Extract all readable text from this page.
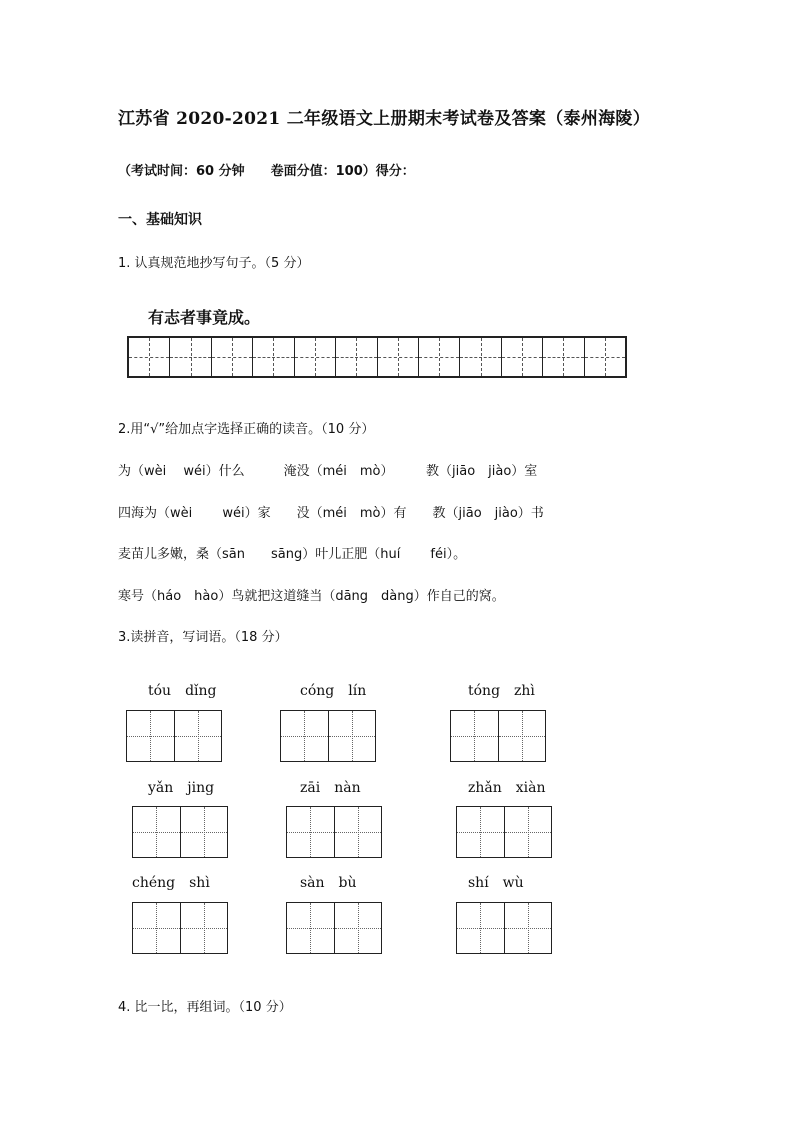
江苏省 2020-2021 二年级语文上册期末考试卷及答案（泰州海陵）
（考试时间：60 分钟　　卷面分值：100）得分：
一、基础知识
1. 认真规范地抄写句子。（5 分）
有志者事竟成。
2.用“√”给加点字选择正确的读音。（10 分）
为（wèi　 wéi）什么　　　淹没（méi　mò）　　　教（jiāo　jiào）室
四海为（wèi　　 wéi）家　　没（méi　mò）有　　教（jiāo　jiào）书
麦苗儿多嫩，桑（sān　　sāng）叶儿正肥（huí　　 féi）。
寒号（háo　hào）鸟就把这道缝当（dāng　dàng）作自己的窝。
3.读拼音，写词语。（18 分）
tóu　dǐng	cóng　lín	tóng　zhì
yǎn　jing	zāi　nàn	zhǎn　xiàn
chéng　shì	sàn　bù	shí　wù
4. 比一比，再组词。（10 分）
